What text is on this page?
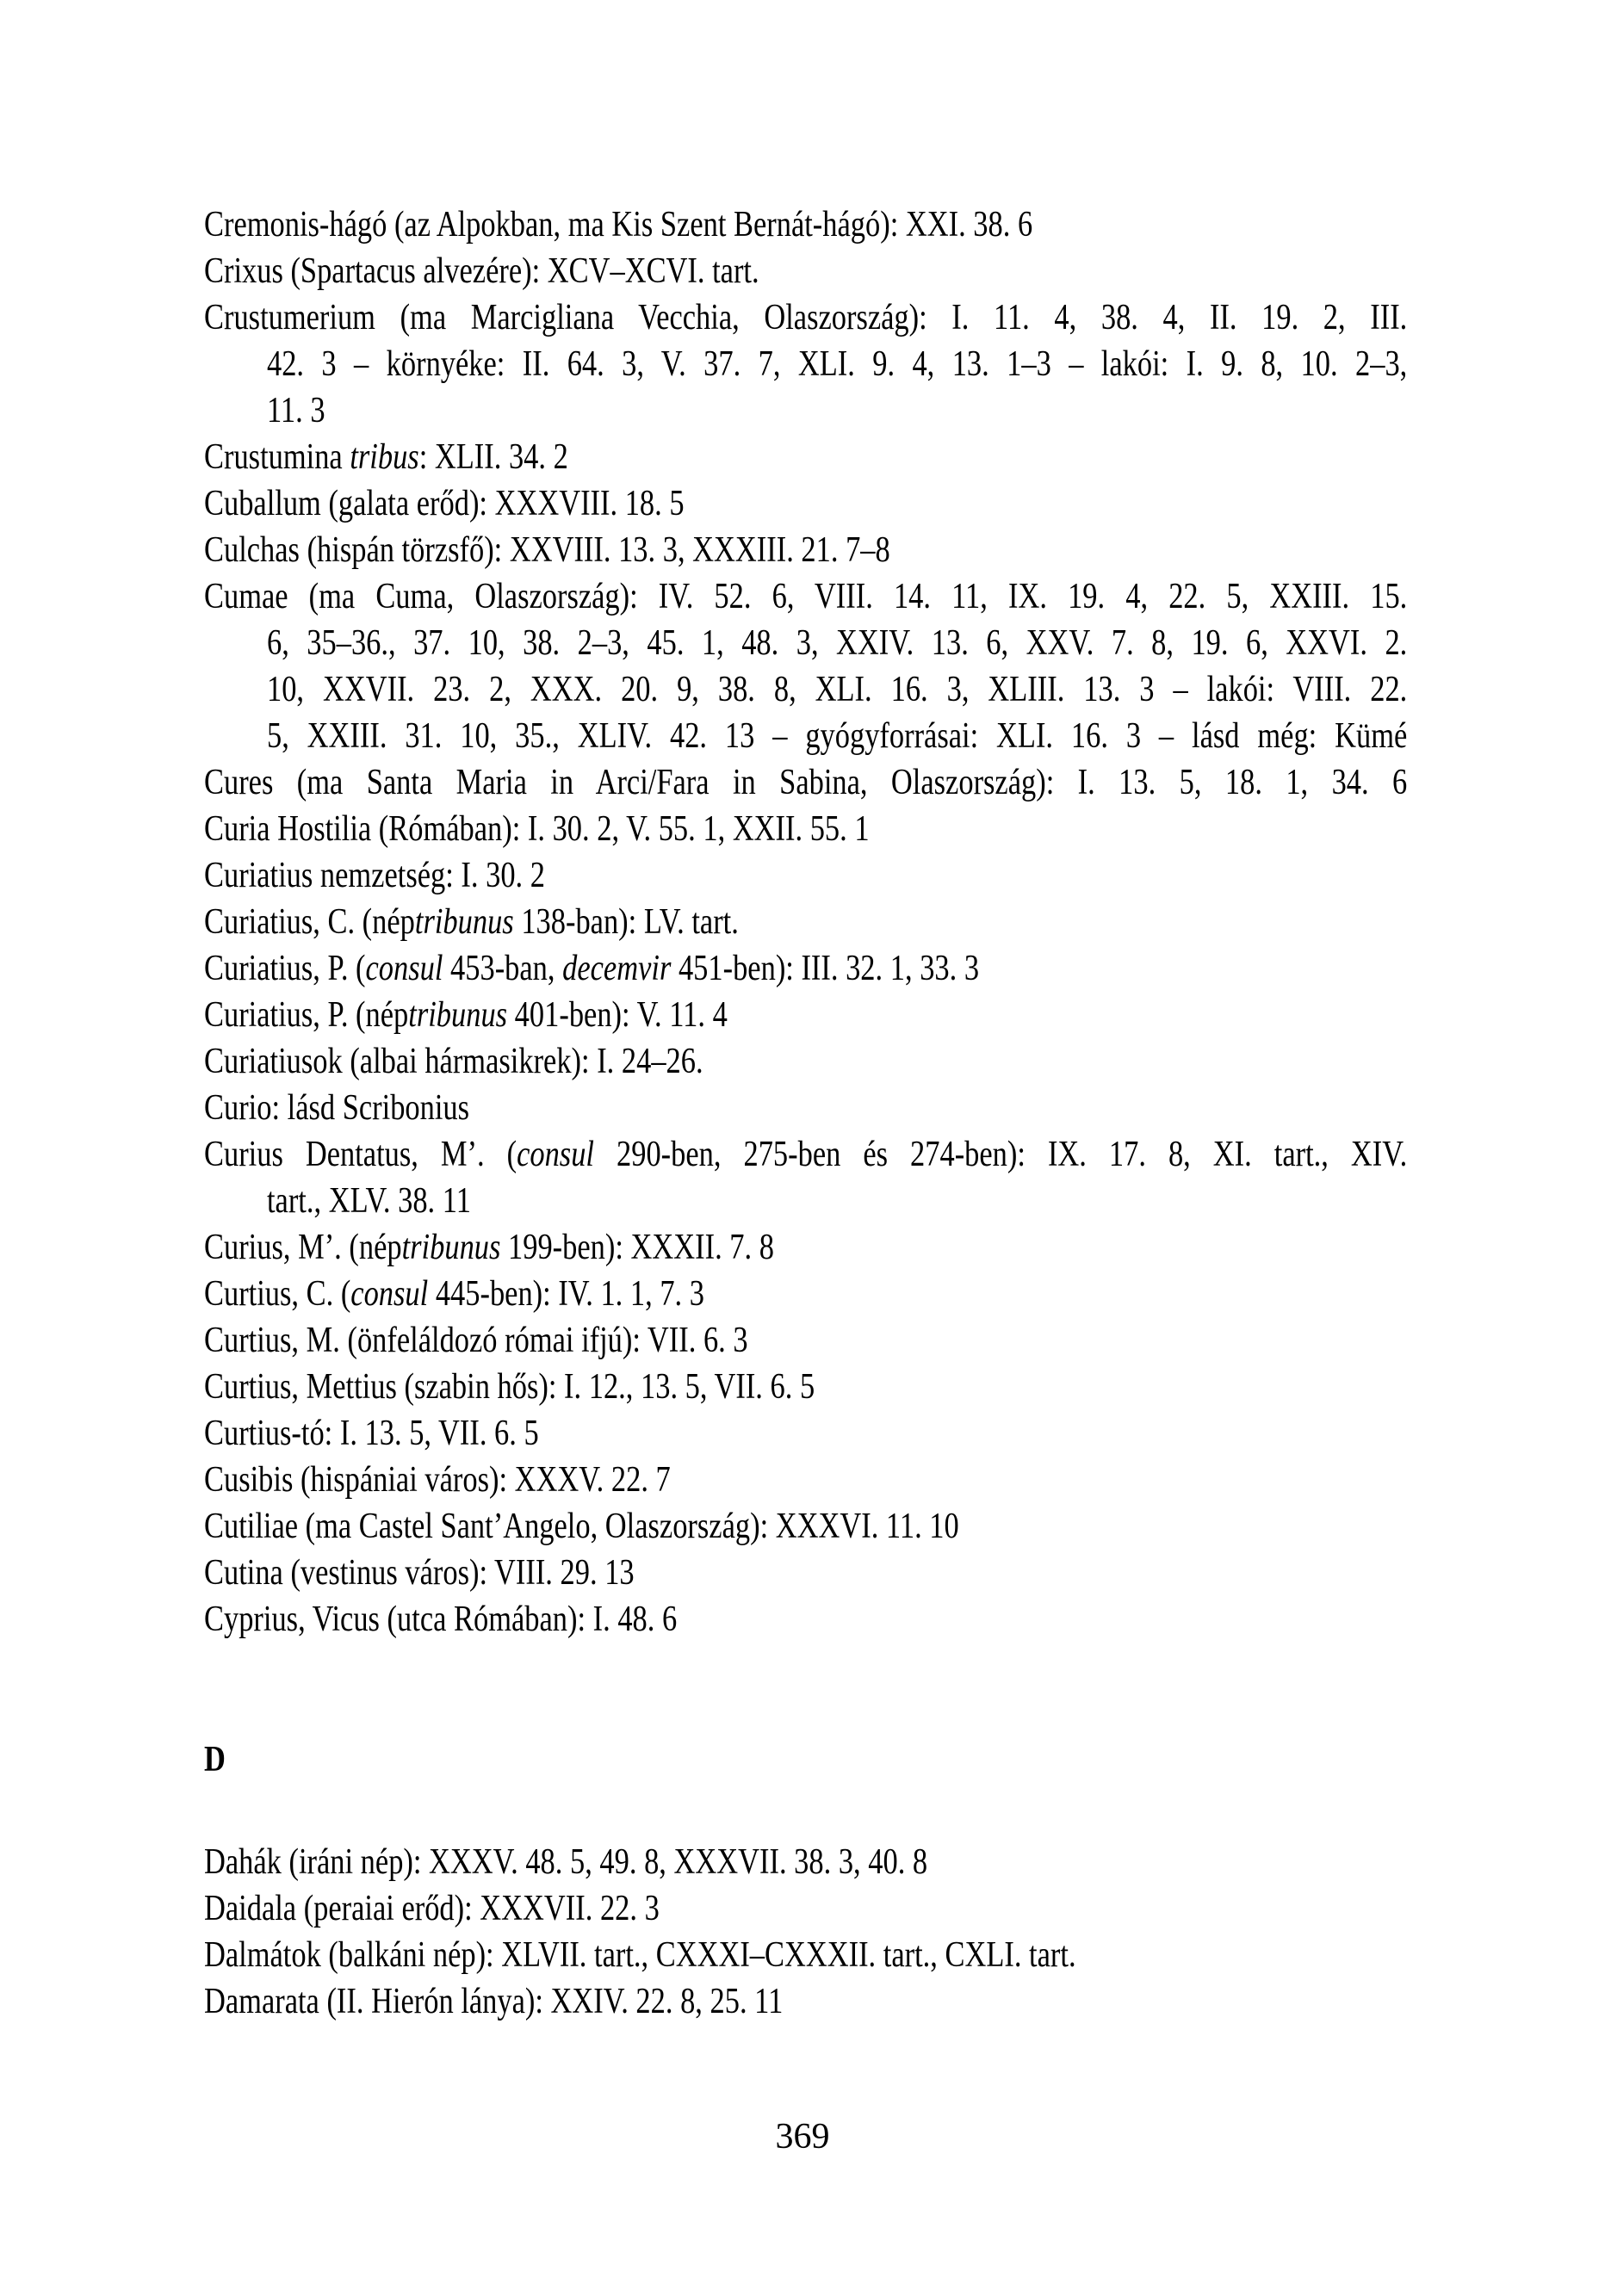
Cremonis-hágó (az Alpokban, ma Kis Szent Bernát-hágó): XXI. 38. 6
Crixus (Spartacus alvezére): XCV–XCVI. tart.
Crustumerium (ma Marcigliana Vecchia, Olaszország): I. 11. 4, 38. 4, II. 19. 2, III.
42. 3 – környéke: II. 64. 3, V. 37. 7, XLI. 9. 4, 13. 1–3 – lakói: I. 9. 8, 10. 2–3,
11. 3
Crustumina tribus: XLII. 34. 2
Cuballum (galata erőd): XXXVIII. 18. 5
Culchas (hispán törzsfő): XXVIII. 13. 3, XXXIII. 21. 7–8
Cumae (ma Cuma, Olaszország): IV. 52. 6, VIII. 14. 11, IX. 19. 4, 22. 5, XXIII. 15.
6, 35–36., 37. 10, 38. 2–3, 45. 1, 48. 3, XXIV. 13. 6, XXV. 7. 8, 19. 6, XXVI. 2.
10, XXVII. 23. 2, XXX. 20. 9, 38. 8, XLI. 16. 3, XLIII. 13. 3 – lakói: VIII. 22.
5, XXIII. 31. 10, 35., XLIV. 42. 13 – gyógyforrásai: XLI. 16. 3 – lásd még: Kümé
Cures (ma Santa Maria in Arci/Fara in Sabina, Olaszország): I. 13. 5, 18. 1, 34. 6
Curia Hostilia (Rómában): I. 30. 2, V. 55. 1, XXII. 55. 1
Curiatius nemzetség: I. 30. 2
Curiatius, C. (néptribunus 138-ban): LV. tart.
Curiatius, P. (consul 453-ban, decemvir 451-ben): III. 32. 1, 33. 3
Curiatius, P. (néptribunus 401-ben): V. 11. 4
Curiatiusok (albai hármasikrek): I. 24–26.
Curio: lásd Scribonius
Curius Dentatus, M’. (consul 290-ben, 275-ben és 274-ben): IX. 17. 8, XI. tart., XIV.
tart., XLV. 38. 11
Curius, M’. (néptribunus 199-ben): XXXII. 7. 8
Curtius, C. (consul 445-ben): IV. 1. 1, 7. 3
Curtius, M. (önfeláldozó római ifjú): VII. 6. 3
Curtius, Mettius (szabin hős): I. 12., 13. 5, VII. 6. 5
Curtius-tó: I. 13. 5, VII. 6. 5
Cusibis (hispániai város): XXXV. 22. 7
Cutiliae (ma Castel Sant’Angelo, Olaszország): XXXVI. 11. 10
Cutina (vestinus város): VIII. 29. 13
Cyprius, Vicus (utca Rómában): I. 48. 6
D
Dahák (iráni nép): XXXV. 48. 5, 49. 8, XXXVII. 38. 3, 40. 8
Daidala (peraiai erőd): XXXVII. 22. 3
Dalmátok (balkáni nép): XLVII. tart., CXXXI–CXXXII. tart., CXLI. tart.
Damarata (II. Hierón lánya): XXIV. 22. 8, 25. 11
369
